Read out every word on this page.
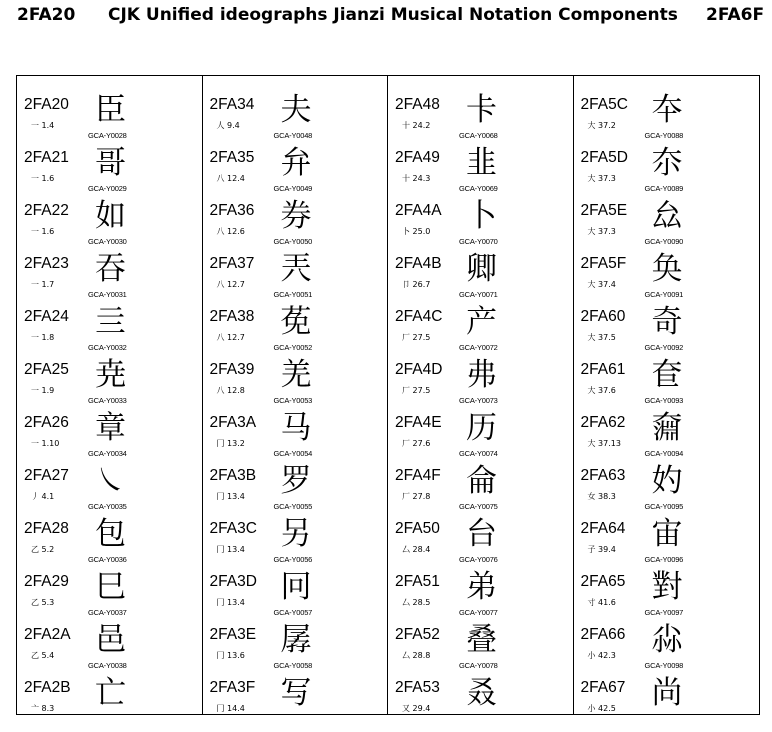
2FA20 CJK Unified ideographs Jianzi Musical Notation Components 2FA6F
2FA20
一 1.4 ⾂
GCA-Y0028
2FA21
一 1.6 哥
GCA-Y0029
2FA22
一 1.6 如
GCA-Y0030
2FA23
一 1.7 吞
GCA-Y0031
2FA24
一 1.8 亖
GCA-Y0032
2FA25
一 1.9 尭
GCA-Y0033
2FA26
一 1.10 章
GCA-Y0034
2FA27
丿 4.1 ㇏
GCA-Y0035
2FA28
乙 5.2 包
GCA-Y0036
2FA29
乙 5.3 巳
GCA-Y0037
2FA2A
乙 5.4 邑
GCA-Y0038
2FA2B
亠 8.3 亡
2FA34
人 9.4 夫
GCA-Y0048
2FA35
八 12.4 弁
GCA-Y0049
2FA36
八 12.6 券
GCA-Y0050
2FA37
八 12.7 兲
GCA-Y0051
2FA38
八 12.7 莬
GCA-Y0052
2FA39
八 12.8 羌
GCA-Y0053
2FA3A
冂 13.2 马
GCA-Y0054
2FA3B
冂 13.4 罗
GCA-Y0055
2FA3C
冂 13.4 另
GCA-Y0056
2FA3D
冂 13.4 冋
GCA-Y0057
2FA3E
冂 13.6 孱
GCA-Y0058
2FA3F
冂 14.4 写
2FA48
十 24.2 卡
GCA-Y0068
2FA49
十 24.3 韭
GCA-Y0069
2FA4A
卜 25.0 卜
GCA-Y0070
2FA4B
卩 26.7 卿
GCA-Y0071
2FA4C
厂 27.5 产
GCA-Y0072
2FA4D
厂 27.5 弗
GCA-Y0073
2FA4E
厂 27.6 历
GCA-Y0074
2FA4F
厂 27.8 侖
GCA-Y0075
2FA50
厶 28.4 台
GCA-Y0076
2FA51
厶 28.5 弟
GCA-Y0077
2FA52
厶 28.8 叠
GCA-Y0078
2FA53
又 29.4 叒
2FA5C
大 37.2 夲
GCA-Y0088
2FA5D
大 37.3 夵
GCA-Y0089
2FA5E
大 37.3 厽
GCA-Y0090
2FA5F
大 37.4 奂
GCA-Y0091
2FA60
大 37.5 奇
GCA-Y0092
2FA61
大 37.6 奆
GCA-Y0093
2FA62
大 37.13 奫
GCA-Y0094
2FA63
女 38.3 妁
GCA-Y0095
2FA64
子 39.4 宙
GCA-Y0096
2FA65
寸 41.6 對
GCA-Y0097
2FA66
小 42.3 尛
GCA-Y0098
2FA67
小 42.5 尚
